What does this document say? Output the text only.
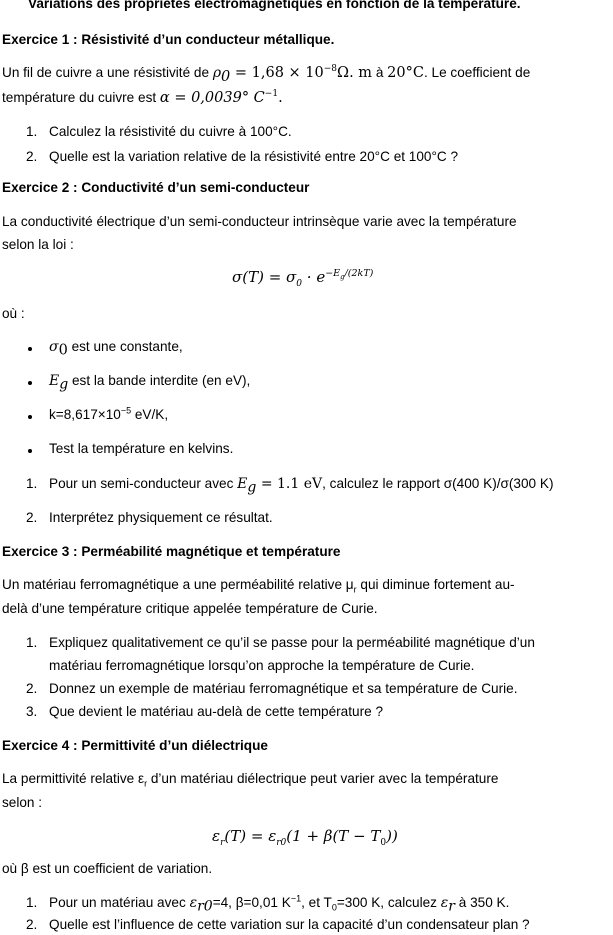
Variations des propriétés électromagnétiques en fonction de la température.
Exercice 1 : Résistivité d’un conducteur métallique.
Un fil de cuivre a une résistivité de $\rho_0 = 1,68 \times 10^{-8}\Omega$. m à 20°C. Le coefficient de
température du cuivre est α = 0,0039° $C^{-1}$.
1. Calculez la résistivité du cuivre à 100°C.
2. Quelle est la variation relative de la résistivité entre 20°C et 100°C ?
Exercice 2 : Conductivité d’un semi-conducteur
La conductivité électrique d’un semi-conducteur intrinsèque varie avec la température
selon la loi :
$\sigma(T) = \sigma_0 \cdot e^{-E_g/(2kT)}$
où :
$\sigma_0$ est une constante,
$E_g$ est la bande interdite (en eV),
$k=8,617\times 10^{-5}$ eV/K,
Test la température en kelvins.
1. Pour un semi-conducteur avec $E_g = 1.1$ eV, calculez le rapport σ(400 K)/σ(300 K)
2. Interprétez physiquement ce résultat.
Exercice 3 : Perméabilité magnétique et température
Un matériau ferromagnétique a une perméabilité relative $\mu_r$ qui diminue fortement au-
delà d’une température critique appelée température de Curie.
1. Expliquez qualitativement ce qu’il se passe pour la perméabilité magnétique d’un
matériau ferromagnétique lorsqu’on approche la température de Curie.
2. Donnez un exemple de matériau ferromagnétique et sa température de Curie.
3. Que devient le matériau au-delà de cette température ?
Exercice 4 : Permittivité d’un diélectrique
La permittivité relative $\varepsilon_r$ d’un matériau diélectrique peut varier avec la température
selon :
$\varepsilon_r(T) = \varepsilon_{r0}(1 + \beta(T - T_0))$
où β est un coefficient de variation.
1. Pour un matériau avec $\varepsilon_{r0}=4$, β=0,01 $K^{-1}$, et $T_0=300$ K, calculez $\varepsilon_r$ à 350 K.
2. Quelle est l’influence de cette variation sur la capacité d’un condensateur plan ?
